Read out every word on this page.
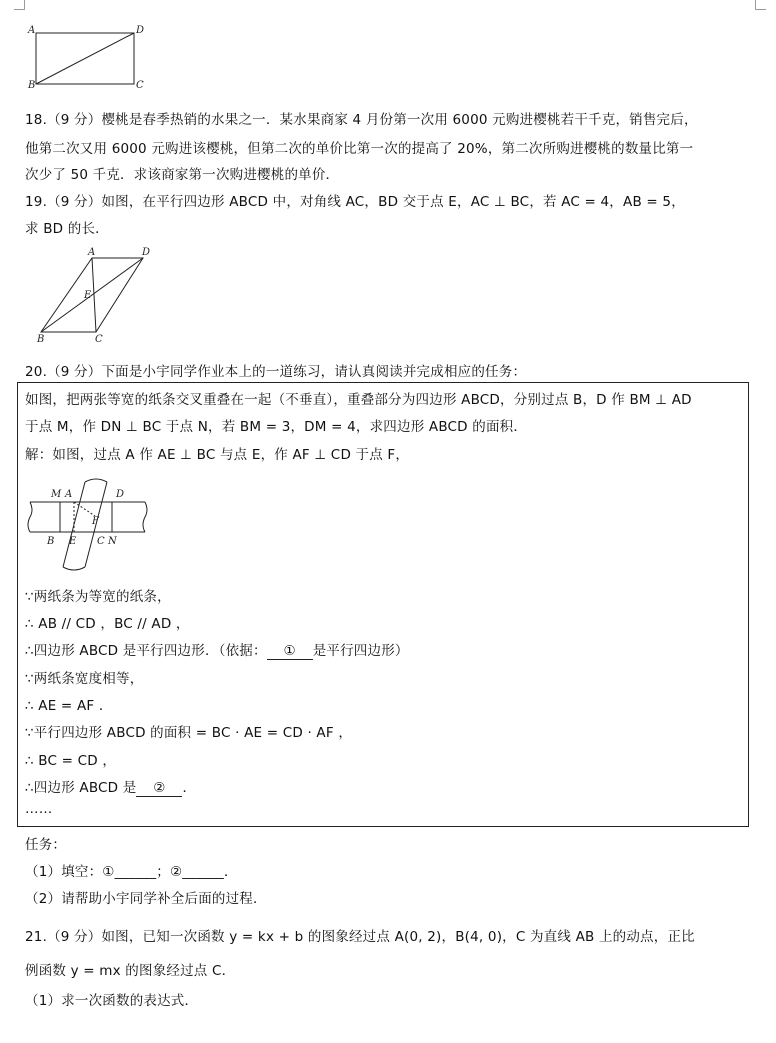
A	D
B	C
18.（9 分）樱桃是春季热销的水果之一．某水果商家 4 月份第一次用 6000 元购进樱桃若干千克，销售完后，
他第二次又用 6000 元购进该樱桃，但第二次的单价比第一次的提高了 20%，第二次所购进樱桃的数量比第一
次少了 50 千克．求该商家第一次购进樱桃的单价．
19.（9 分）如图，在平行四边形 ABCD 中，对角线 AC，BD 交于点 E，AC ⊥ BC，若 AC = 4，AB = 5，
求 BD 的长．
A	D
E
B	C
20.（9 分）下面是小宇同学作业本上的一道练习，请认真阅读并完成相应的任务：
如图，把两张等宽的纸条交叉重叠在一起（不垂直），重叠部分为四边形 ABCD，分别过点 B，D 作 BM ⊥ AD
于点 M，作 DN ⊥ BC 于点 N，若 BM = 3，DM = 4，求四边形 ABCD 的面积．
解：如图，过点 A 作 AE ⊥ BC 与点 E，作 AF ⊥ CD 于点 F，
M A	D
F
B E C N
∵两纸条为等宽的纸条，
∴ AB // CD ，BC // AD ，
∴四边形 ABCD 是平行四边形．（依据： ① 是平行四边形）
∵两纸条宽度相等，
∴ AE = AF ．
∵平行四边形 ABCD 的面积 = BC · AE = CD · AF ，
∴ BC = CD ，
∴四边形 ABCD 是 ② ．
……
任务：
（1）填空：①______；②______．
（2）请帮助小宇同学补全后面的过程．
21.（9 分）如图，已知一次函数 y = kx + b 的图象经过点 A(0, 2)，B(4, 0)，C 为直线 AB 上的动点，正比
例函数 y = mx 的图象经过点 C．
（1）求一次函数的表达式．
